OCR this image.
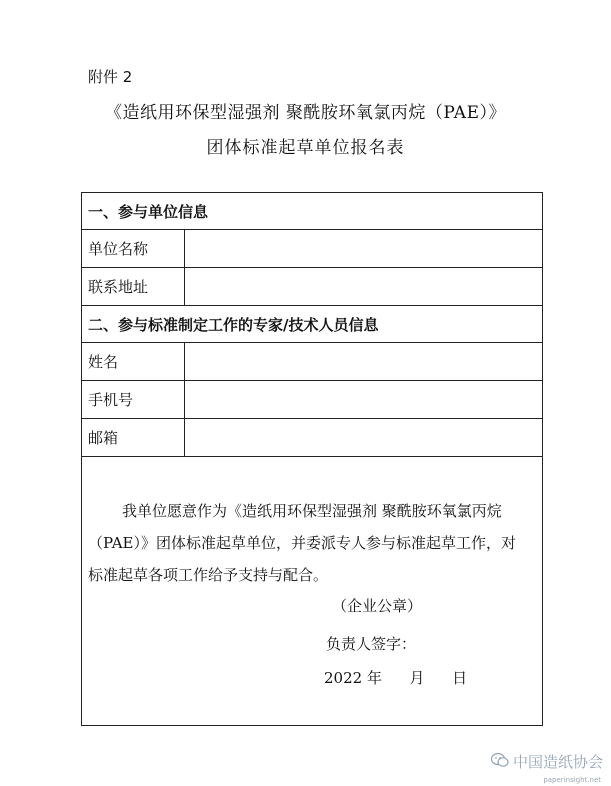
附件 2
《造纸用环保型湿强剂 聚酰胺环氧氯丙烷（PAE）》
团体标准起草单位报名表
一、参与单位信息	
单位名称	
联系地址	
二、参与标准制定工作的专家/技术人员信息	
姓名	
手机号	
邮箱	

我单位愿意作为《造纸用环保型湿强剂 聚酰胺环氧氯丙烷（PAE）》团体标准起草单位，并委派专人参与标准起草工作，对标准起草各项工作给予支持与配合。
（企业公章）
负责人签字：
2022 年 月 日	
中国造纸协会
paperinsight.net
